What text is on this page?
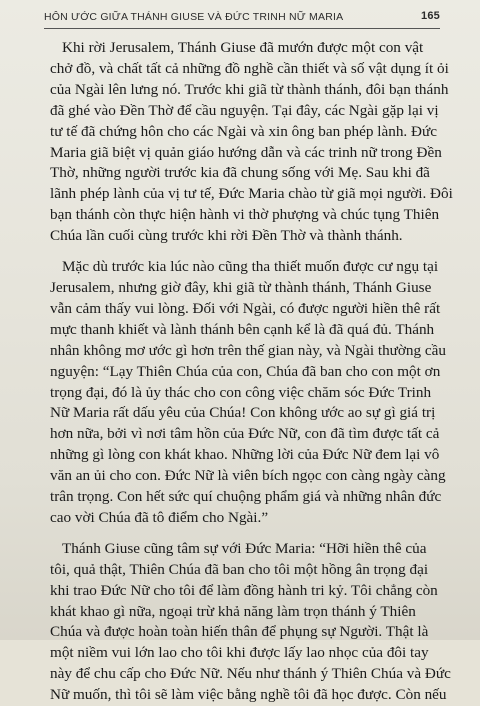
HÔN ƯỚC GIỮA THÁNH GIUSE VÀ ĐỨC TRINH NỮ MARIA	165
Khi rời Jerusalem, Thánh Giuse đã mướn được một con vật
chở đồ, và chất tất cả những đồ nghề cần thiết và số vật dụng ít ỏi
của Ngài lên lưng nó. Trước khi giã từ thành thánh, đôi bạn thánh
đã ghé vào Đền Thờ để cầu nguyện. Tại đây, các Ngài gặp lại vị
tư tế đã chứng hôn cho các Ngài và xin ông ban phép lành. Đức
Maria giã biệt vị quản giáo hướng dẫn và các trinh nữ trong Đền
Thờ, những người trước kia đã chung sống với Mẹ. Sau khi đã
lãnh phép lành của vị tư tế, Đức Maria chào từ giã mọi người. Đôi
bạn thánh còn thực hiện hành vi thờ phượng và chúc tụng Thiên
Chúa lần cuối cùng trước khi rời Đền Thờ và thành thánh.
Mặc dù trước kia lúc nào cũng tha thiết muốn được cư ngụ tại
Jerusalem, nhưng giờ đây, khi giã từ thành thánh, Thánh Giuse
vẫn cảm thấy vui lòng. Đối với Ngài, có được người hiền thê rất
mực thanh khiết và lành thánh bên cạnh kể là đã quá đủ. Thánh
nhân không mơ ước gì hơn trên thế gian này, và Ngài thường cầu
nguyện: “Lạy Thiên Chúa của con, Chúa đã ban cho con một ơn
trọng đại, đó là ủy thác cho con công việc chăm sóc Đức Trinh
Nữ Maria rất dấu yêu của Chúa! Con không ước ao sự gì giá trị
hơn nữa, bởi vì nơi tâm hồn của Đức Nữ, con đã tìm được tất cả
những gì lòng con khát khao. Những lời của Đức Nữ đem lại vô
văn an ủi cho con. Đức Nữ là viên bích ngọc con càng ngày càng
trân trọng. Con hết sức quí chuộng phẩm giá và những nhân đức
cao vời Chúa đã tô điểm cho Ngài.”
Thánh Giuse cũng tâm sự với Đức Maria: “Hỡi hiền thê của
tôi, quả thật, Thiên Chúa đã ban cho tôi một hồng ân trọng đại
khi trao Đức Nữ cho tôi để làm đồng hành tri kỷ. Tôi chẳng còn
khát khao gì nữa, ngoại trừ khả năng làm trọn thánh ý Thiên
Chúa và được hoàn toàn hiến thân để phụng sự Người. Thật là
một niềm vui lớn lao cho tôi khi được lấy lao nhọc của đôi tay
này để chu cấp cho Đức Nữ. Nếu như thánh ý Thiên Chúa và Đức
Nữ muốn, thì tôi sẽ làm việc bằng nghề tôi đã học được. Còn nếu
